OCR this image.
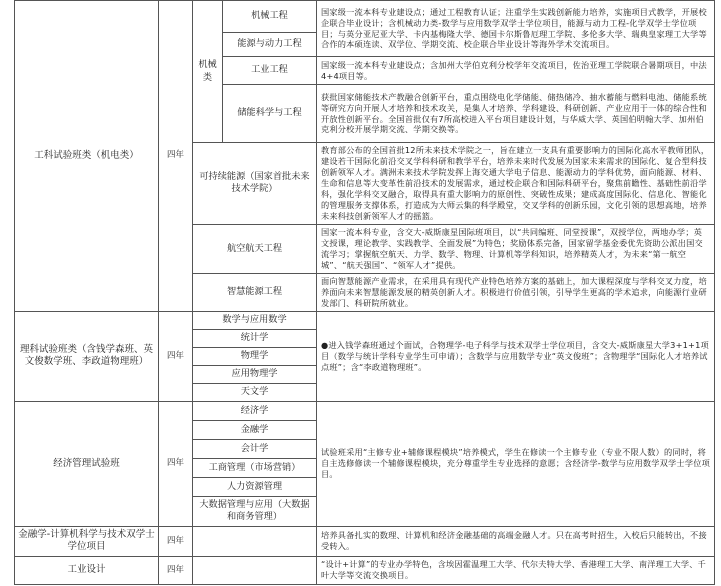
工科试验班类（机电类）	四年	机械类	机械工程	国家级一流本科专业建设点；通过工程教育认证；注重学生实践创新能力培养，实施项目式教学，开展校企联合毕业设计；含机械动力类-数学与应用数学双学士学位项目，能源与动力工程-化学双学士学位项目；与英分亚尼亚大学、卡内基梅隆大学、德国卡尔斯鲁厄理工学院、多伦多大学、瑞典皇家理工大学等合作的本硕连读、双学位、学期交流、校企联合毕业设计等海外学术交流项目。
			能源与动力工程	
			工业工程	国家级一流本科专业建设点；含加州大学伯克利分校学年交流项目，佐治亚理工学院联合暑期项目，中法4+4项目等。
			储能科学与工程	获批国家储能技术产教融合创新平台，重点围绕电化学储能、储热储冷、抽水蓄能与燃料电池、储能系统等研究方向开展人才培养和技术攻关，是集人才培养、学科建设、科研创新、产业应用于一体的综合性和开放性创新平台。全国首批仅有7所高校进入平台项目建设计划，与华威大学、英国伯明翰大学、加州伯克利分校开展学期交流、学期交换等。
		可持续能源（国家首批未来技术学院）		教育部公布的全国首批12所未来技术学院之一，旨在建立一支具有重要影响力的国际化高水平教师团队，建设若干国际化前沿交叉学科科研和教学平台，培养未来时代发展为国家未来需求的国际化、复合型科技创新领军人才。满洲未来技术学院发挥上海交通大学电子信息、能源动力的学科优势，面向能源、材料、生命和信息等大变革性前沿技术的发展需求，通过校企联合和国际科研平台，聚焦前瞻性、基础性前沿学科，强化学科交叉融合，取得具有重大影响力的原创性、突破性成果；建成高度国际化、信息化、智能化的管理服务支撑体系，打造成为大师云集的科学殿堂，交叉学科的创新乐园，文化引领的思想高地，培养未来科技创新领军人才的摇篮。
		航空航天工程		国家一流本科专业，含交大-威斯康星国际班项目，以“共同编班、同堂授课”，双授学位，两地办学；英文授课，理论教学、实践教学、全面发展”为特色；奖励体系完备，国家留学基金委优先资助公派出国交流学习；掌握航空航天、力学、数学、物理、计算机等学科知识，培养精英人才，为未来“第一航空城”、“航天强国”、“领军人才”提供。
		智慧能源工程		面向智慧能源产业需求，在采用具有现代产业特色培养方案的基础上，加大课程深度与学科交叉力度，培养面向未来智慧能源发展的精英创新人才。积极进行价值引领，引导学生更高的学术追求，向能源行业研发部门、科研院所就业。
理科试验班类（含钱学森班、英文俊数学班、李政道物理班）	四年	数学与应用数学		●进入钱学森班通过个面试，合物理学-电子科学与技术双学士学位项目，含交大-威斯康星大学3+1+1项目（数学与统计学科专业学生可申请）；含数学与应用数学专业“英文俊班”；含物理学“国际化人才培养试点班”；含“李政道物理班”。
		统计学		
		物理学		
		应用物理学		
		天文学		
经济管理试验班	四年	经济学		试验班采用“主修专业+辅修课程模块”培养模式，学生在修读一个主修专业（专业不限人数）的同时，将自主选修修读一个辅修课程模块，充分尊重学生专业选择的意愿；含经济学-数学与应用数学双学士学位项目。
		金融学		
		会计学		
		工商管理（市场营销）		
		人力资源管理		
		大数据管理与应用（大数据和商务管理）		
金融学-计算机科学与技术双学士学位项目	四年			培养具备扎实的数理、计算机和经济金融基础的高端金融人才。只在高考时招生，入校后只能转出，不接受转入。
工业设计	四年			“设计+计算”的专业办学特色，含埃因霍温理工大学、代尔夫特大学、香港理工大学、南洋理工大学、千叶大学等交流交换项目。
